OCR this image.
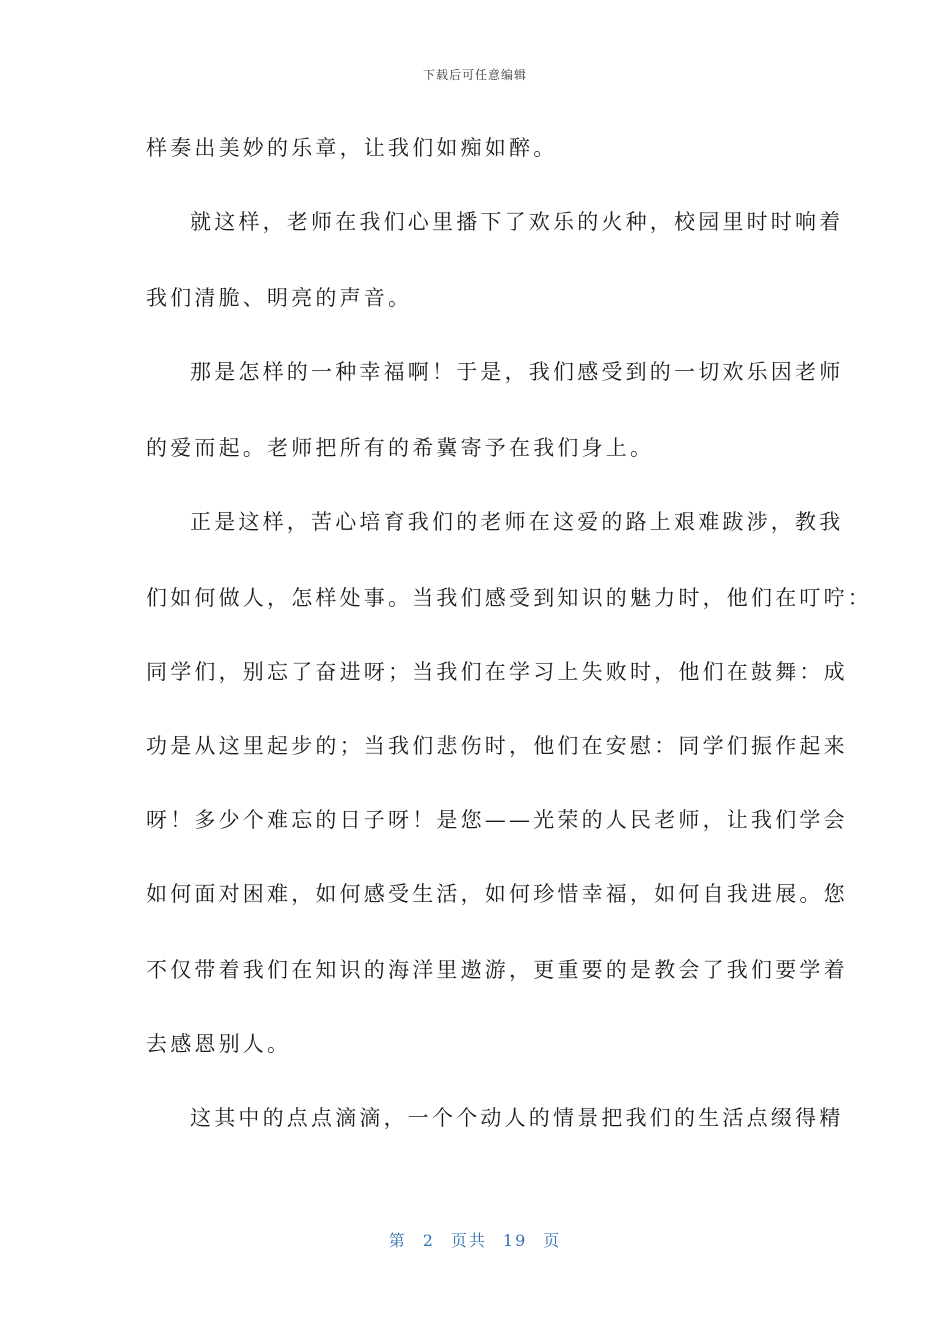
下载后可任意编辑
样奏出美妙的乐章，让我们如痴如醉。
就这样，老师在我们心里播下了欢乐的火种，校园里时时响着
我们清脆、明亮的声音。
那是怎样的一种幸福啊！于是，我们感受到的一切欢乐因老师
的爱而起。老师把所有的希冀寄予在我们身上。
正是这样，苦心培育我们的老师在这爱的路上艰难跋涉，教我
们如何做人，怎样处事。当我们感受到知识的魅力时，他们在叮咛：
同学们，别忘了奋进呀；当我们在学习上失败时，他们在鼓舞：成
功是从这里起步的；当我们悲伤时，他们在安慰：同学们振作起来
呀！多少个难忘的日子呀！是您——光荣的人民老师，让我们学会
如何面对困难，如何感受生活，如何珍惜幸福，如何自我进展。您
不仅带着我们在知识的海洋里遨游，更重要的是教会了我们要学着
去感恩别人。
这其中的点点滴滴，一个个动人的情景把我们的生活点缀得精
第 2 页共 19 页
